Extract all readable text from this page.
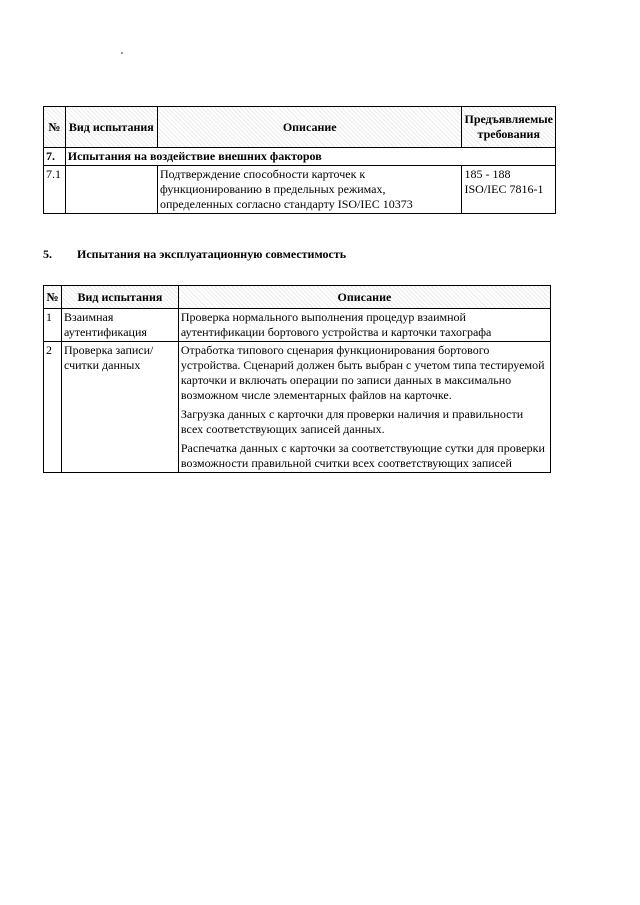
№	Вид испытания	Описание	Предъявляемые требования
7.	Испытания на воздействие внешних факторов		
7.1		Подтверждение способности карточек к функционированию в предельных режимах, определенных согласно стандарту ISO/IEC 10373	185 - 188
ISO/IEC 7816-1
5. Испытания на эксплуатационную совместимость
№	Вид испытания	Описание
1	Взаимная аутентификация	Проверка нормального выполнения процедур взаимной аутентификации бортового устройства и карточки тахографа

2	Проверка записи/считки данных	Отработка типового сценария функционирования бортового устройства. Сценарий должен быть выбран с учетом типа тестируемой карточки и включать операции по записи данных в максимально возможном числе элементарных файлов на карточке.

Загрузка данных с карточки для проверки наличия и правильности всех соответствующих записей данных.

Распечатка данных с карточки за соответствующие сутки для проверки возможности правильной считки всех соответствующих записей
